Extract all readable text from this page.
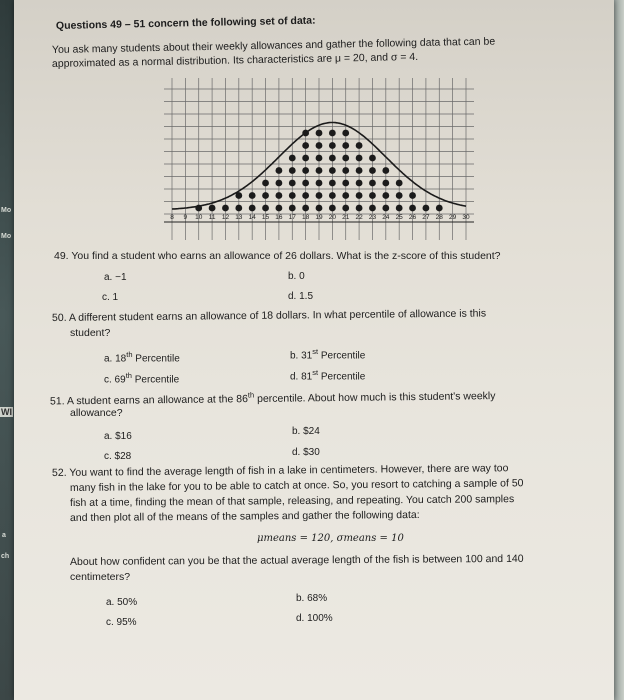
Mo
Mo
WI
a
ch
Questions 49 – 51 concern the following set of data:
You ask many students about their weekly allowances and gather the following data that can be
approximated as a normal distribution. Its characteristics are μ = 20, and σ = 4.
8 9 10 11 12 13 14 15 16 17 18 19 20 21 22 23 24 25 26 27 28 29 30
49. You find a student who earns an allowance of 26 dollars. What is the z-score of this student?
a. −1	b. 0
c. 1	d. 1.5
50. A different student earns an allowance of 18 dollars. In what percentile of allowance is this
student?
a. 18th Percentile	b. 31st Percentile
c. 69th Percentile	d. 81st Percentile
51. A student earns an allowance at the 86th percentile. About how much is this student's weekly
allowance?
a. $16	b. $24
c. $28	d. $30
52. You want to find the average length of fish in a lake in centimeters. However, there are way too
many fish in the lake for you to be able to catch at once. So, you resort to catching a sample of 50
fish at a time, finding the mean of that sample, releasing, and repeating. You catch 200 samples
and then plot all of the means of the samples and gather the following data:
μmeans = 120, σmeans = 10
About how confident can you be that the actual average length of the fish is between 100 and 140
centimeters?
a. 50%	b. 68%
c. 95%	d. 100%
